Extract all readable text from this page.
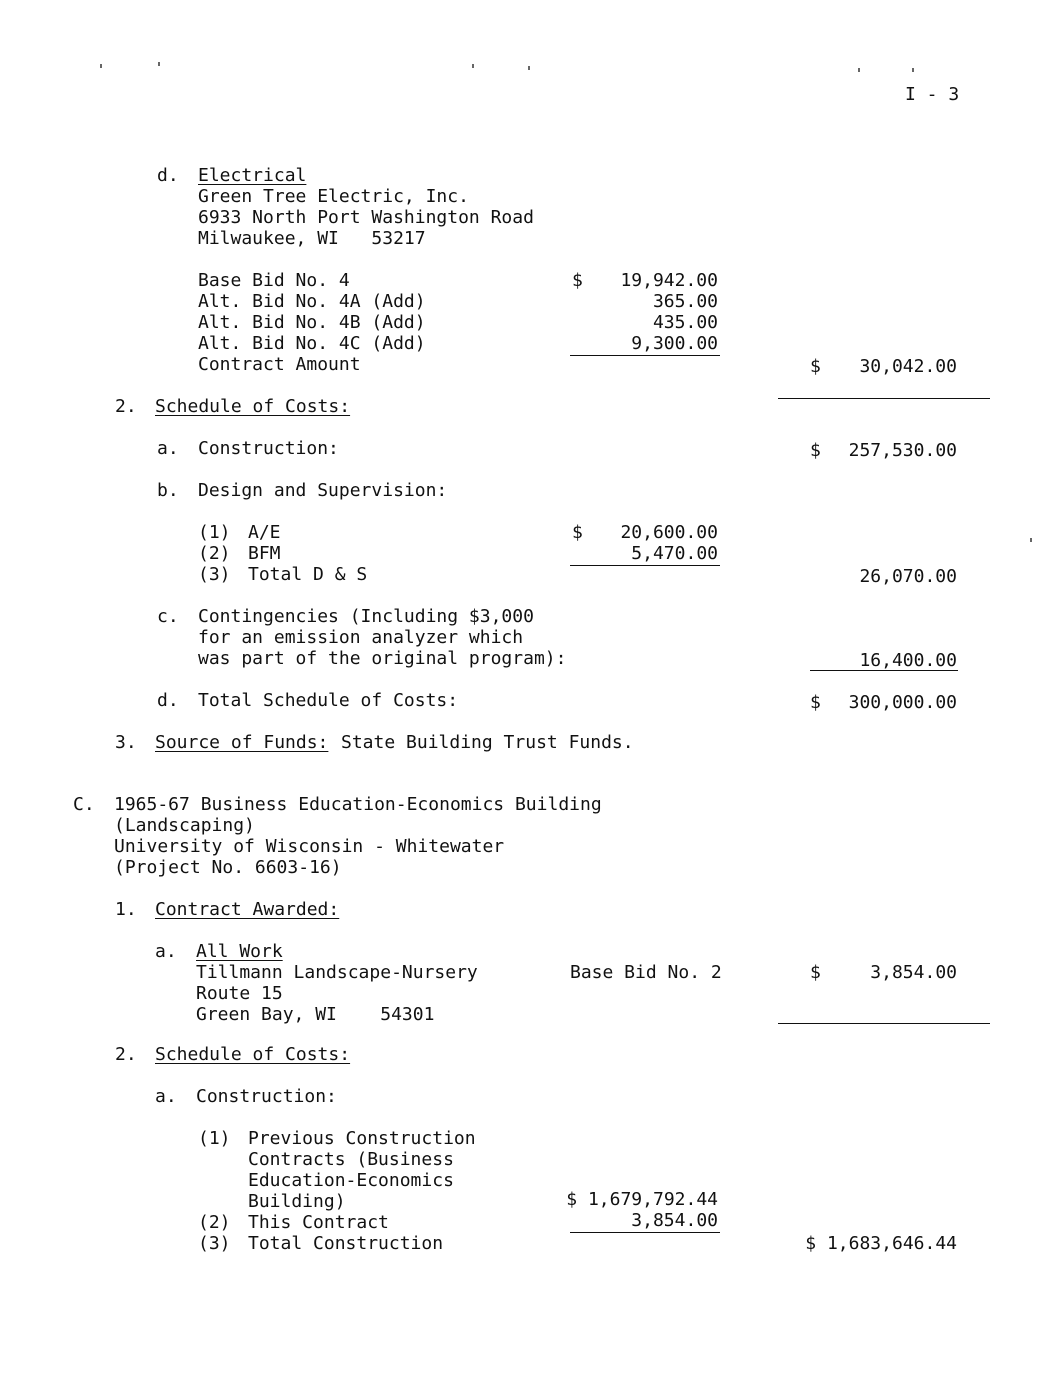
I - 3
d. Electrical
Green Tree Electric, Inc.
6933 North Port Washington Road
Milwaukee, WI   53217
Base Bid No. 4	$ 19,942.00
Alt. Bid No. 4A (Add)	365.00
Alt. Bid No. 4B (Add)	435.00
Alt. Bid No. 4C (Add)	9,300.00
Contract Amount	$ 30,042.00
2. Schedule of Costs:
a. Construction:	$ 257,530.00
b. Design and Supervision:
(1) A/E	$ 20,600.00
(2) BFM	5,470.00
(3) Total D & S	26,070.00
c. Contingencies (Including $3,000
for an emission analyzer which
was part of the original program):	16,400.00
d. Total Schedule of Costs:	$ 300,000.00
3. Source of Funds: State Building Trust Funds.
C. 1965-67 Business Education-Economics Building
(Landscaping)
University of Wisconsin - Whitewater
(Project No. 6603-16)
1. Contract Awarded:
a. All Work
Tillmann Landscape-Nursery
Route 15
Green Bay, WI    54301
Base Bid No. 2	$	3,854.00
2. Schedule of Costs:
a. Construction:
(1) Previous Construction
Contracts (Business
Education-Economics
Building)	$ 1,679,792.44
(2) This Contract	3,854.00
(3) Total Construction	$ 1,683,646.44
